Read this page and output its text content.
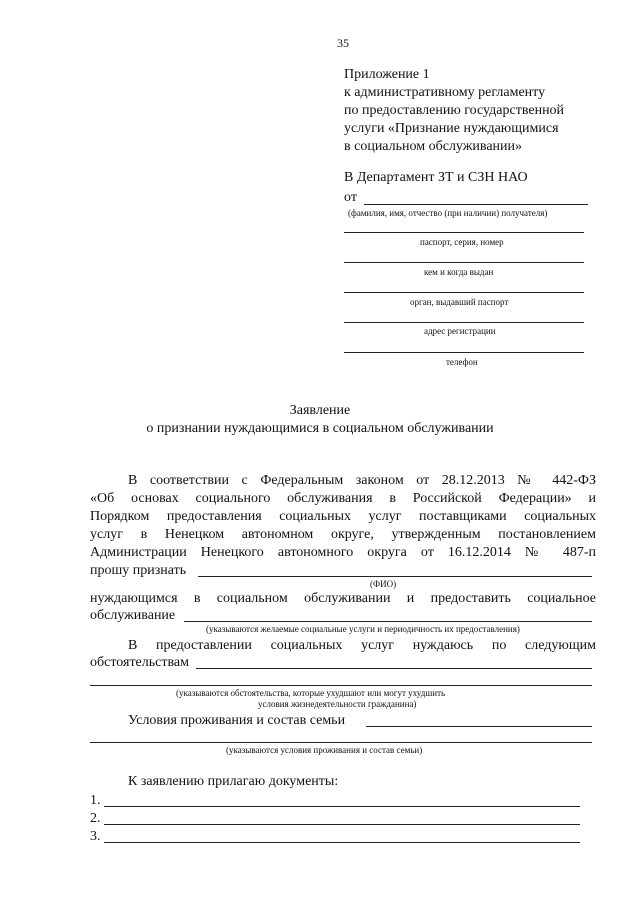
35
Приложение 1
к административному регламенту
по предоставлению государственной
услуги «Признание нуждающимися
в социальном обслуживании»
В Департамент ЗТ и СЗН НАО
от
(фамилия, имя, отчество (при наличии) получателя)
паспорт, серия, номер
кем и когда выдан
орган, выдавший паспорт
адрес регистрации
телефон
Заявление
о признании нуждающимися в социальном обслуживании
В соответствии с Федеральным законом от 28.12.2013 № 442-ФЗ
«Об основах социального обслуживания в Российской Федерации» и
Порядком предоставления социальных услуг поставщиками социальных
услуг в Ненецком автономном округе, утвержденным постановлением
Администрации Ненецкого автономного округа от 16.12.2014 № 487-п
прошу признать
(ФИО)
нуждающимся в социальном обслуживании и предоставить социальное
обслуживание
(указываются желаемые социальные услуги и периодичность их предоставления)
В предоставлении социальных услуг нуждаюсь по следующим
обстоятельствам
(указываются обстоятельства, которые ухудшают или могут ухудшить
условия жизнедеятельности гражданина)
Условия проживания и состав семьи
(указываются условия проживания и состав семьи)
К заявлению прилагаю документы:
1.
2.
3.
